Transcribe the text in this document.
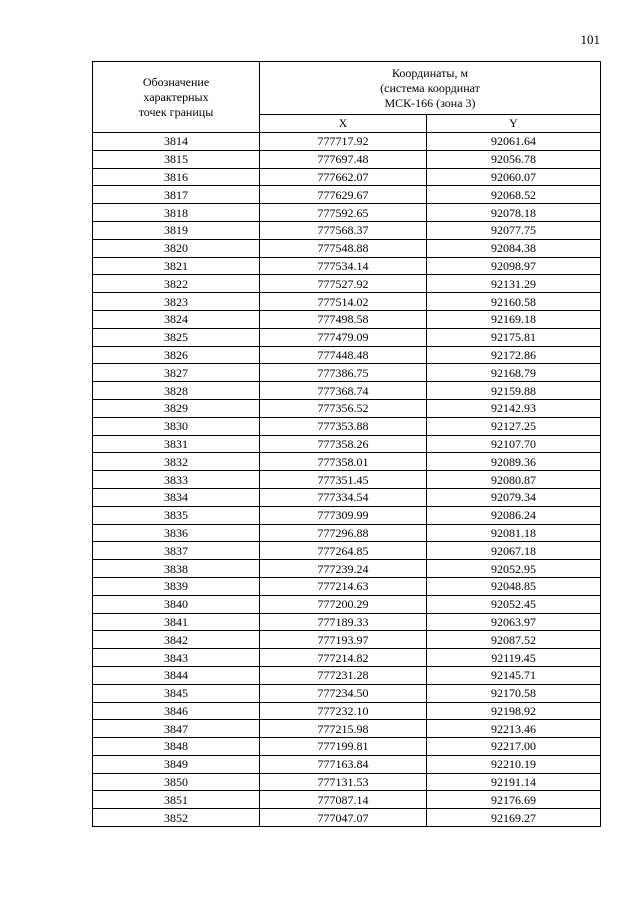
101
Обозначение
характерных
точек границы	Координаты, м
(система координат
МСК-166 (зона 3)	

	X	Y
3814	777717.92	92061.64
3815	777697.48	92056.78
3816	777662.07	92060.07
3817	777629.67	92068.52
3818	777592.65	92078.18
3819	777568.37	92077.75
3820	777548.88	92084.38
3821	777534.14	92098.97
3822	777527.92	92131.29
3823	777514.02	92160.58
3824	777498.58	92169.18
3825	777479.09	92175.81
3826	777448.48	92172.86
3827	777386.75	92168.79
3828	777368.74	92159.88
3829	777356.52	92142.93
3830	777353.88	92127.25
3831	777358.26	92107.70
3832	777358.01	92089.36
3833	777351.45	92080.87
3834	777334.54	92079.34
3835	777309.99	92086.24
3836	777296.88	92081.18
3837	777264.85	92067.18
3838	777239.24	92052.95
3839	777214.63	92048.85
3840	777200.29	92052.45
3841	777189.33	92063.97
3842	777193.97	92087.52
3843	777214.82	92119.45
3844	777231.28	92145.71
3845	777234.50	92170.58
3846	777232.10	92198.92
3847	777215.98	92213.46
3848	777199.81	92217.00
3849	777163.84	92210.19
3850	777131.53	92191.14
3851	777087.14	92176.69
3852	777047.07	92169.27
